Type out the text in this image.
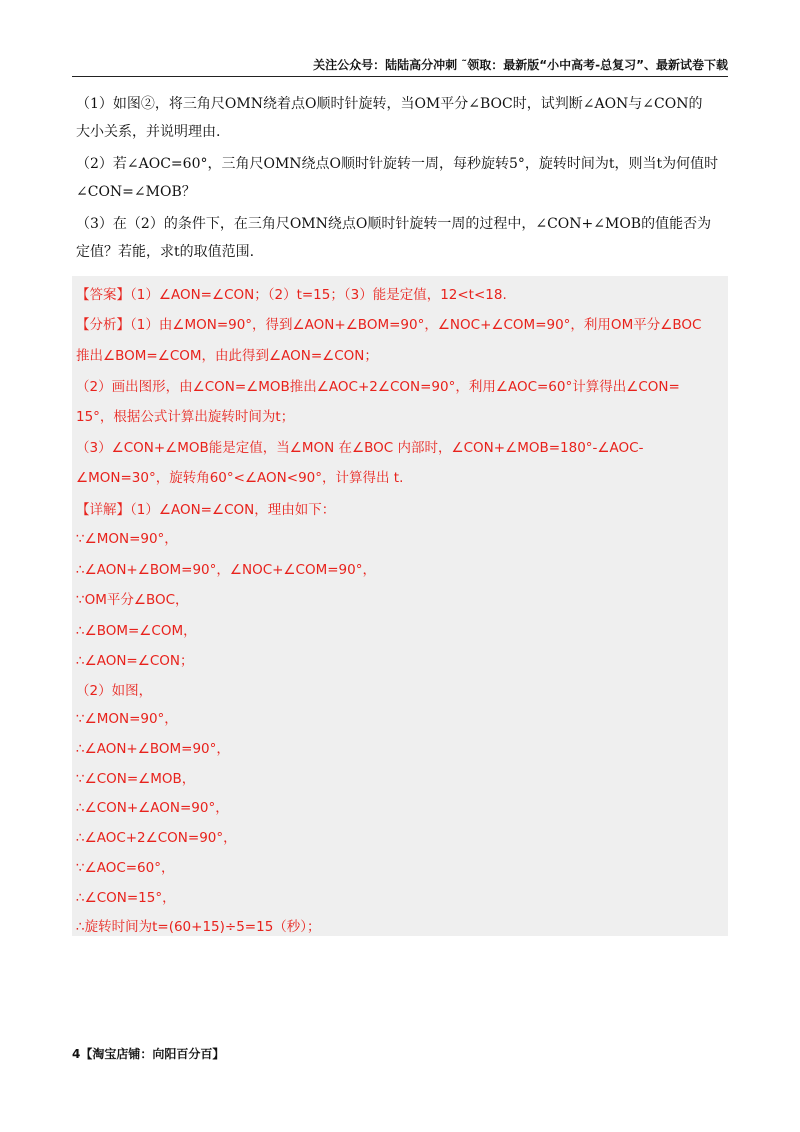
关注公众号：陆陆高分冲刺 ˜领取：最新版“小中高考-总复习”、最新试卷下载

（1）如图②，将三角尺OMN绕着点O顺时针旋转，当OM平分∠BOC时，试判断∠AON与∠CON的
大小关系，并说明理由.

（2）若∠AOC=60°，三角尺OMN绕点O顺时针旋转一周，每秒旋转5°，旋转时间为t，则当t为何值时
∠CON=∠MOB？

（3）在（2）的条件下，在三角尺OMN绕点O顺时针旋转一周的过程中，∠CON+∠MOB的值能否为
定值？若能，求t的取值范围.

【答案】（1）∠AON=∠CON；（2）t=15；（3）能是定值，12<t<18.
【分析】（1）由∠MON=90°，得到∠AON+∠BOM=90°，∠NOC+∠COM=90°，利用OM平分∠BOC
推出∠BOM=∠COM，由此得到∠AON=∠CON；
（2）画出图形，由∠CON=∠MOB推出∠AOC+2∠CON=90°，利用∠AOC=60°计算得出∠CON=
15°，根据公式计算出旋转时间为t；
（3）∠CON+∠MOB能是定值，当∠MON 在∠BOC 内部时，∠CON+∠MOB=180°-∠AOC-
∠MON=30°，旋转角60°<∠AON<90°，计算得出 t.
【详解】（1）∠AON=∠CON，理由如下：
∵∠MON=90°，
∴∠AON+∠BOM=90°，∠NOC+∠COM=90°，
∵OM平分∠BOC，
∴∠BOM=∠COM，
∴∠AON=∠CON；
（2）如图，
∵∠MON=90°，
∴∠AON+∠BOM=90°，
∵∠CON=∠MOB，
∴∠CON+∠AON=90°，
∴∠AOC+2∠CON=90°，
∵∠AOC=60°，
∴∠CON=15°，
∴旋转时间为t=(60+15)÷5=15（秒）；
4【淘宝店铺：向阳百分百】
